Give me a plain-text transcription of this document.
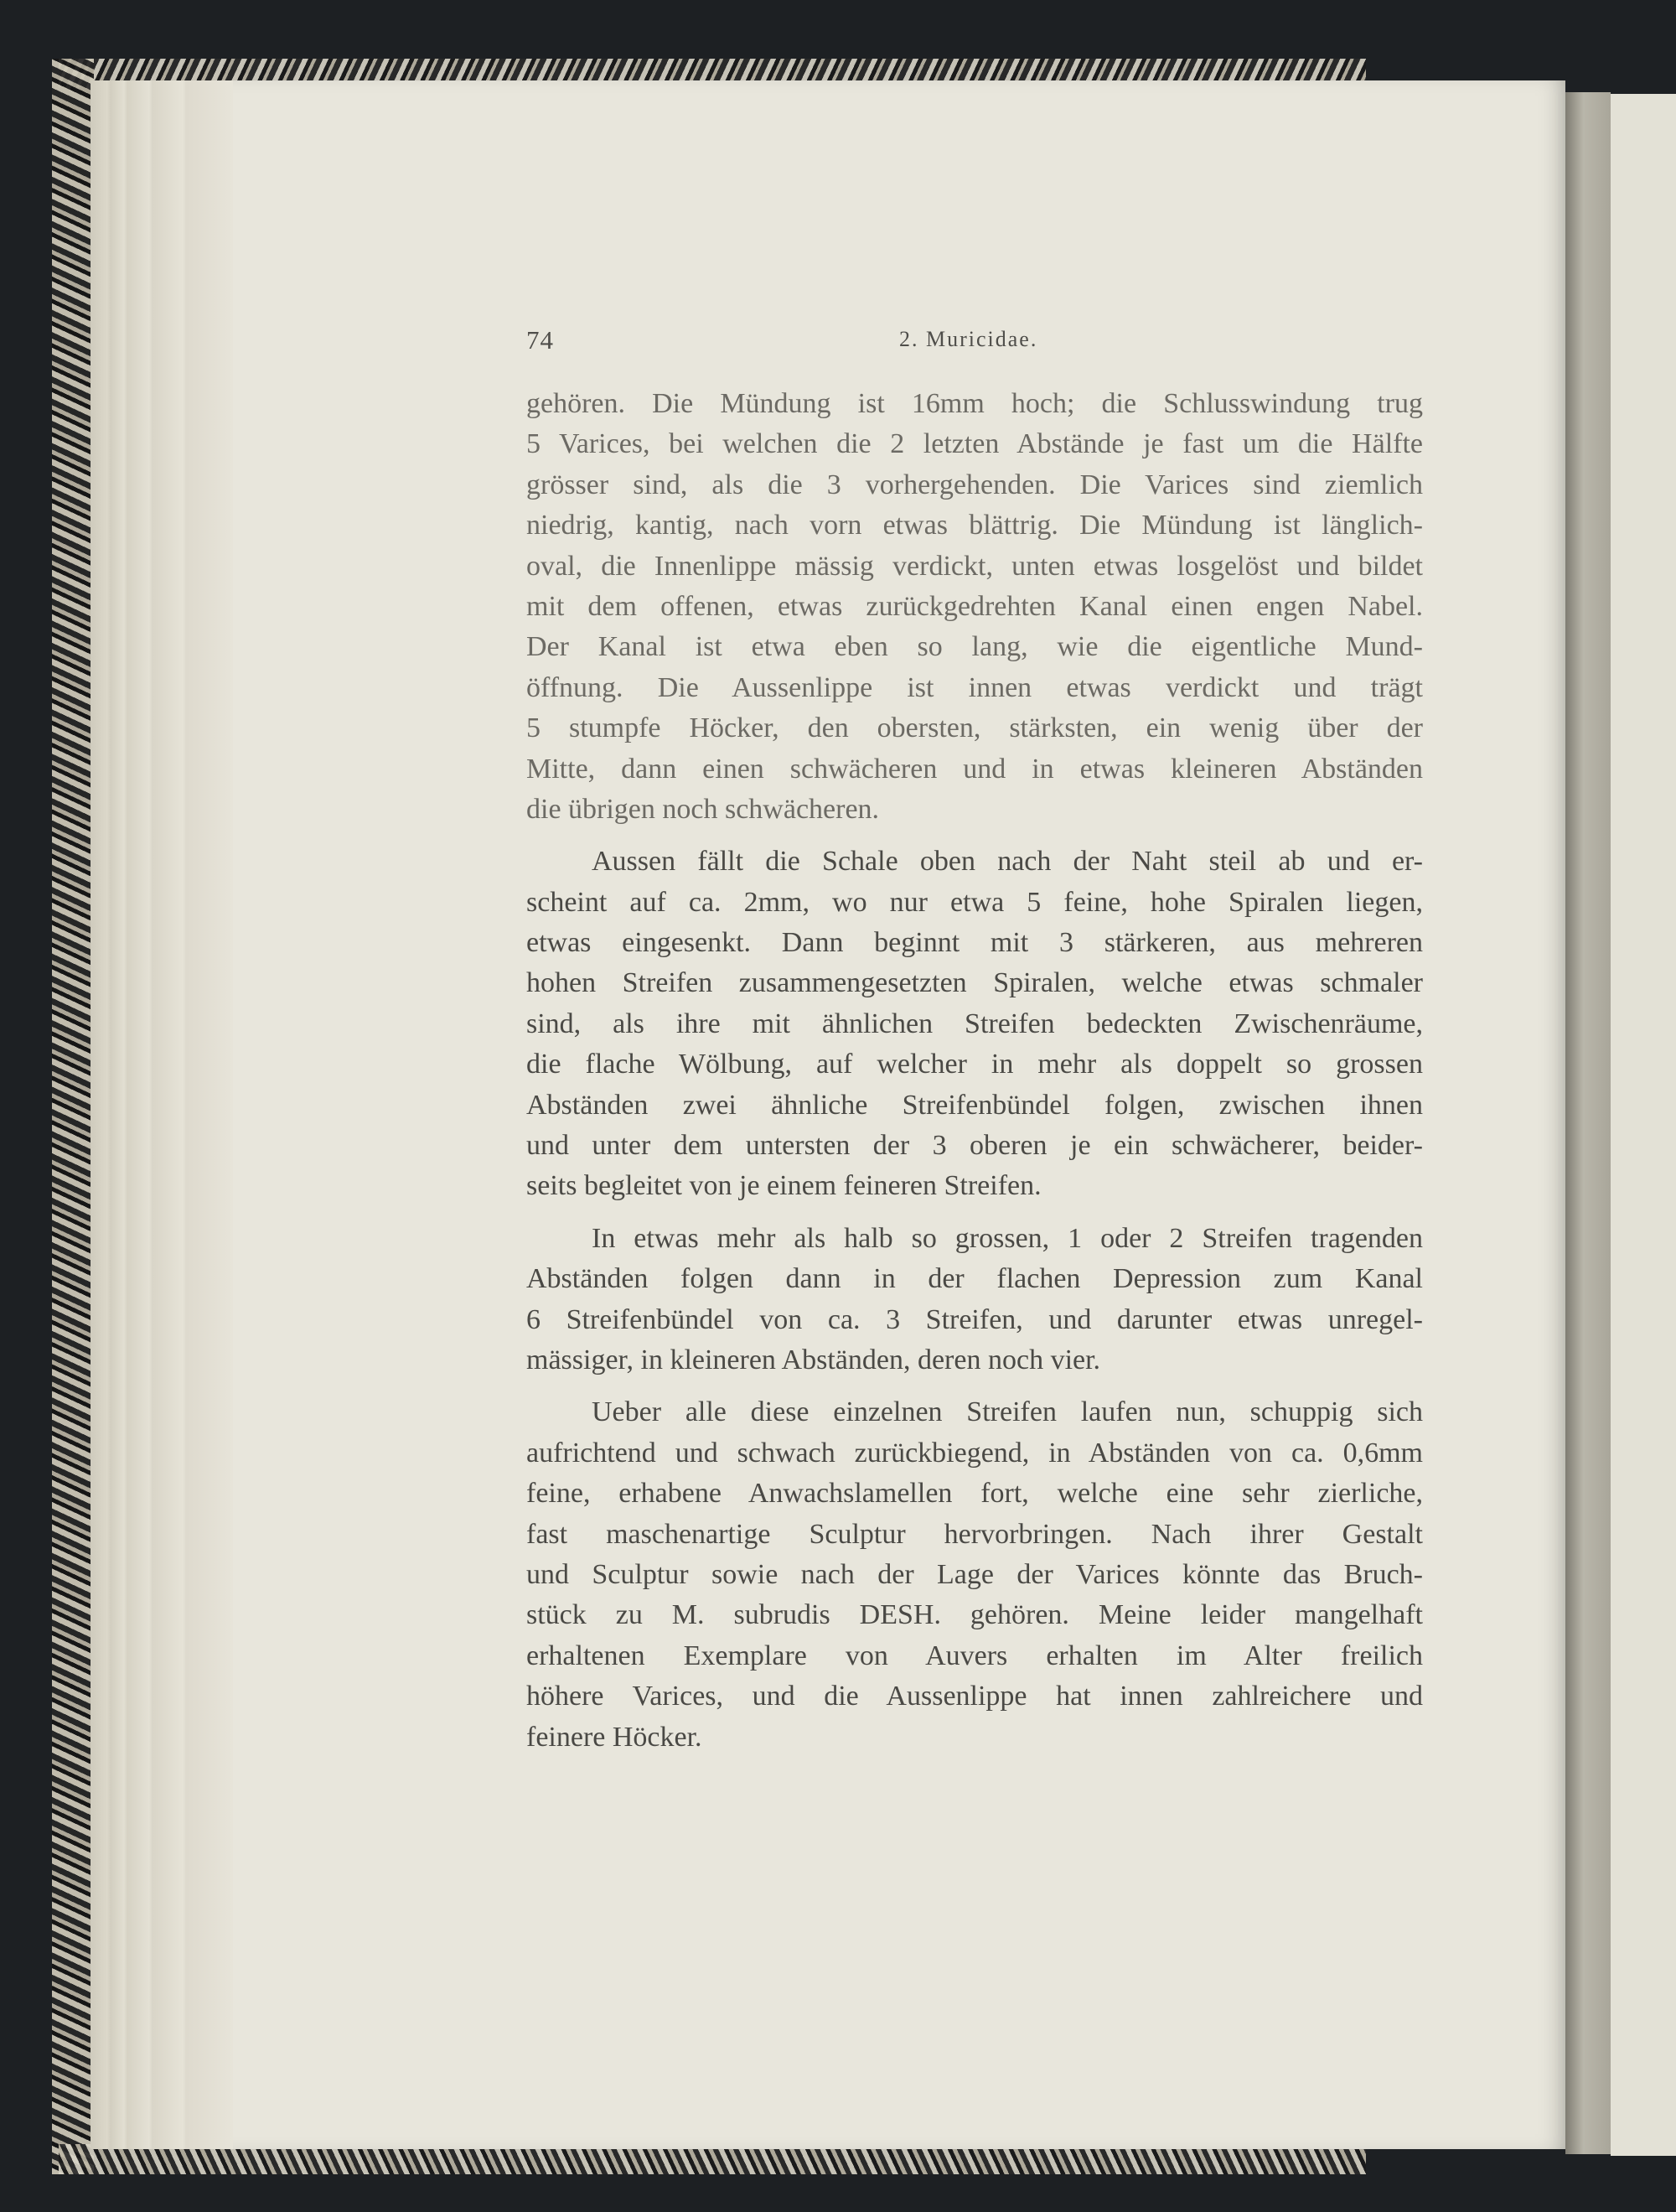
74	2. Muricidae.
gehören. Die Mündung ist 16mm hoch; die Schlusswindung trug
5 Varices, bei welchen die 2 letzten Abstände je fast um die Hälfte
grösser sind, als die 3 vorhergehenden. Die Varices sind ziemlich
niedrig, kantig, nach vorn etwas blättrig. Die Mündung ist länglich-
oval, die Innenlippe mässig verdickt, unten etwas losgelöst und bildet
mit dem offenen, etwas zurückgedrehten Kanal einen engen Nabel.
Der Kanal ist etwa eben so lang, wie die eigentliche Mund-
öffnung. Die Aussenlippe ist innen etwas verdickt und trägt
5 stumpfe Höcker, den obersten, stärksten, ein wenig über der
Mitte, dann einen schwächeren und in etwas kleineren Abständen
die übrigen noch schwächeren.
Aussen fällt die Schale oben nach der Naht steil ab und er-
scheint auf ca. 2mm, wo nur etwa 5 feine, hohe Spiralen liegen,
etwas eingesenkt. Dann beginnt mit 3 stärkeren, aus mehreren
hohen Streifen zusammengesetzten Spiralen, welche etwas schmaler
sind, als ihre mit ähnlichen Streifen bedeckten Zwischenräume,
die flache Wölbung, auf welcher in mehr als doppelt so grossen
Abständen zwei ähnliche Streifenbündel folgen, zwischen ihnen
und unter dem untersten der 3 oberen je ein schwächerer, beider-
seits begleitet von je einem feineren Streifen.
In etwas mehr als halb so grossen, 1 oder 2 Streifen tragenden
Abständen folgen dann in der flachen Depression zum Kanal
6 Streifenbündel von ca. 3 Streifen, und darunter etwas unregel-
mässiger, in kleineren Abständen, deren noch vier.
Ueber alle diese einzelnen Streifen laufen nun, schuppig sich
aufrichtend und schwach zurückbiegend, in Abständen von ca. 0,6mm
feine, erhabene Anwachslamellen fort, welche eine sehr zierliche,
fast maschenartige Sculptur hervorbringen. Nach ihrer Gestalt
und Sculptur sowie nach der Lage der Varices könnte das Bruch-
stück zu M. subrudis DESH. gehören. Meine leider mangelhaft
erhaltenen Exemplare von Auvers erhalten im Alter freilich
höhere Varices, und die Aussenlippe hat innen zahlreichere und
feinere Höcker.
